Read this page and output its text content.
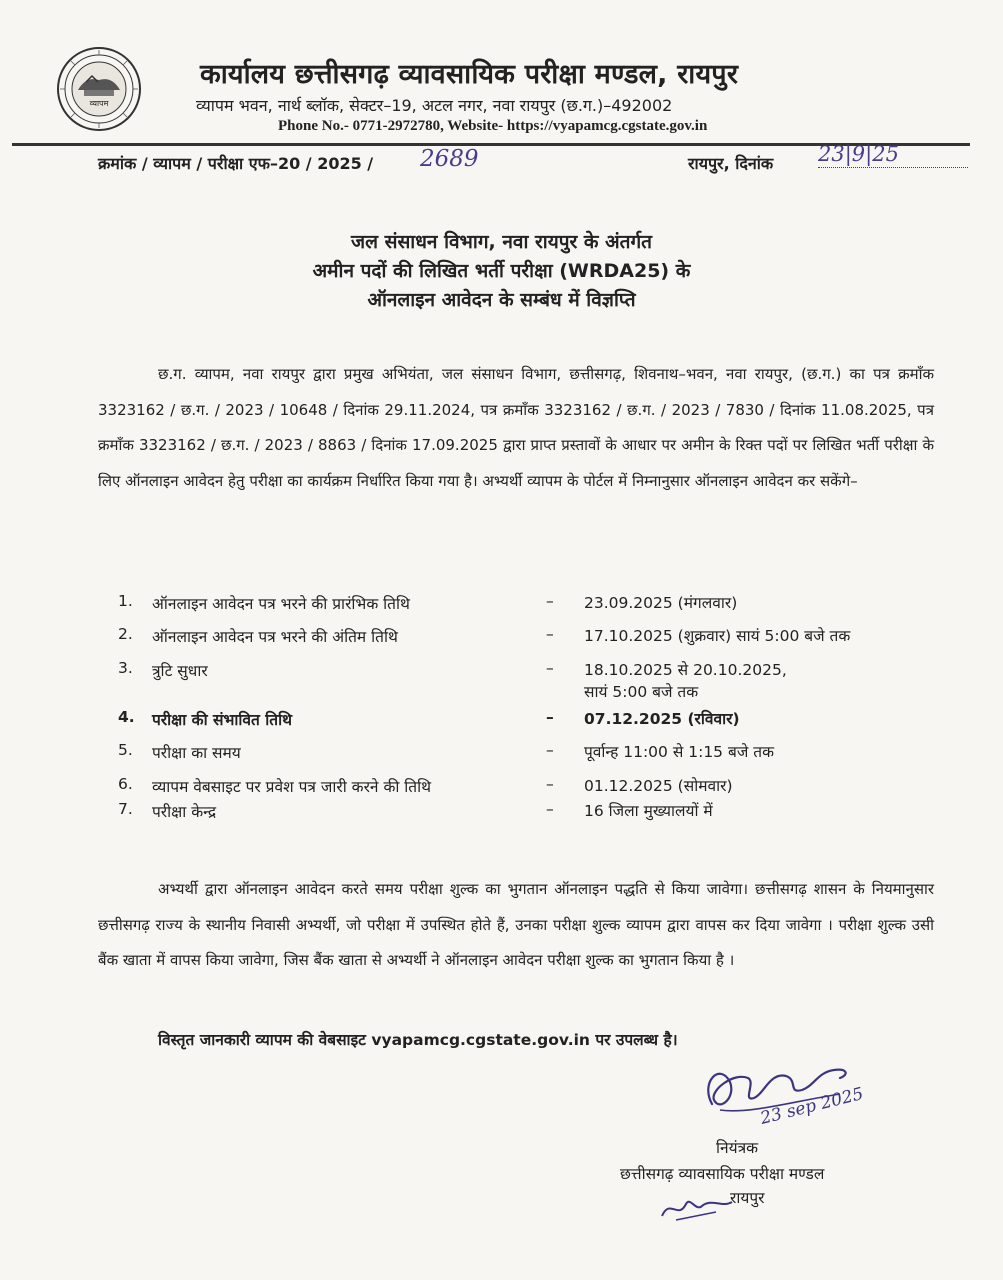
व्यापम
कार्यालय छत्तीसगढ़ व्यावसायिक परीक्षा मण्डल, रायपुर
व्यापम भवन, नार्थ ब्लॉक, सेक्टर–19, अटल नगर, नवा रायपुर (छ.ग.)–492002
Phone No.- 0771-2972780, Website- https://vyapamcg.cgstate.gov.in
क्रमांक / व्यापम / परीक्षा एफ–20 / 2025 / 2689	रायपुर, दिनांक 23|9|25
जल संसाधन विभाग, नवा रायपुर के अंतर्गत
अमीन पदों की लिखित भर्ती परीक्षा (WRDA25) के
ऑनलाइन आवेदन के सम्बंध में विज्ञप्ति
छ.ग. व्यापम, नवा रायपुर द्वारा प्रमुख अभियंता, जल संसाधन विभाग, छत्तीसगढ़, शिवनाथ–भवन, नवा रायपुर, (छ.ग.) का पत्र क्रमाँक 3323162 / छ.ग. / 2023 / 10648 / दिनांक 29.11.2024, पत्र क्रमाँक 3323162 / छ.ग. / 2023 / 7830 / दिनांक 11.08.2025, पत्र क्रमाँक 3323162 / छ.ग. / 2023 / 8863 / दिनांक 17.09.2025 द्वारा प्राप्त प्रस्तावों के आधार पर अमीन के रिक्त पदों पर लिखित भर्ती परीक्षा के लिए ऑनलाइन आवेदन हेतु परीक्षा का कार्यक्रम निर्धारित किया गया है। अभ्यर्थी व्यापम के पोर्टल में निम्नानुसार ऑनलाइन आवेदन कर सकेंगे–
1. ऑनलाइन आवेदन पत्र भरने की प्रारंभिक तिथि	– 23.09.2025 (मंगलवार)
2. ऑनलाइन आवेदन पत्र भरने की अंतिम तिथि	– 17.10.2025 (शुक्रवार) सायं 5:00 बजे तक
3. त्रुटि सुधार	– 18.10.2025 से 20.10.2025,
सायं 5:00 बजे तक
4. परीक्षा की संभावित तिथि	– 07.12.2025 (रविवार)
5. परीक्षा का समय	– पूर्वान्ह 11:00 से 1:15 बजे तक
6. व्यापम वेबसाइट पर प्रवेश पत्र जारी करने की तिथि	– 01.12.2025 (सोमवार)
7. परीक्षा केन्द्र	– 16 जिला मुख्यालयों में
अभ्यर्थी द्वारा ऑनलाइन आवेदन करते समय परीक्षा शुल्क का भुगतान ऑनलाइन पद्धति से किया जावेगा। छत्तीसगढ़ शासन के नियमानुसार छत्तीसगढ़ राज्य के स्थानीय निवासी अभ्यर्थी, जो परीक्षा में उपस्थित होते हैं, उनका परीक्षा शुल्क व्यापम द्वारा वापस कर दिया जावेगा । परीक्षा शुल्क उसी बैंक खाता में वापस किया जावेगा, जिस बैंक खाता से अभ्यर्थी ने ऑनलाइन आवेदन परीक्षा शुल्क का भुगतान किया है ।
विस्तृत जानकारी व्यापम की वेबसाइट vyapamcg.cgstate.gov.in पर उपलब्ध है।
23 sep 2025
नियंत्रक
छत्तीसगढ़ व्यावसायिक परीक्षा मण्डल
रायपुर
